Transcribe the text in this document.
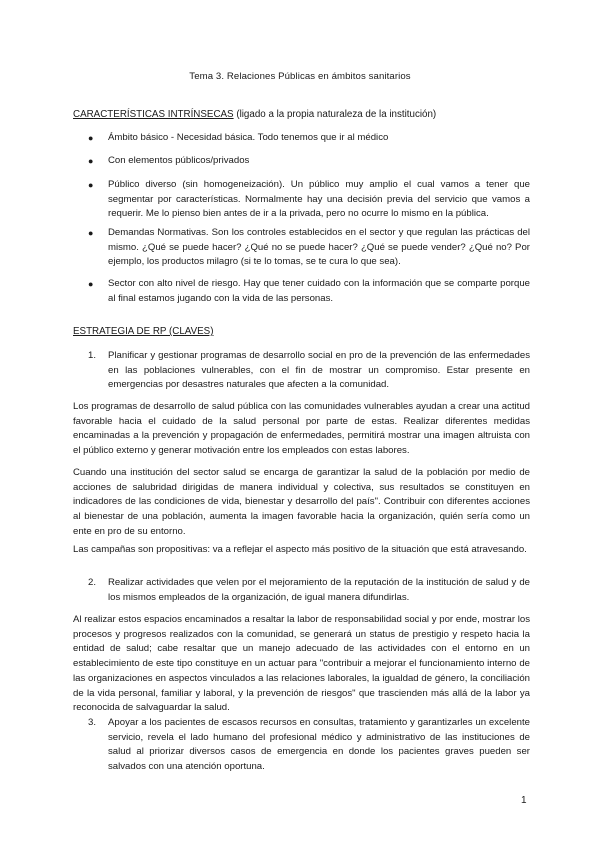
Tema 3. Relaciones Públicas en ámbitos sanitarios
CARACTERÍSTICAS INTRÍNSECAS (ligado a la propia naturaleza de la institución)
● Ámbito básico - Necesidad básica. Todo tenemos que ir al médico

● Con elementos públicos/privados

● Público diverso (sin homogeneización). Un público muy amplio el cual vamos a tener que segmentar por características. Normalmente hay una decisión previa del servicio que vamos a requerir. Me lo pienso bien antes de ir a la privada, pero no ocurre lo mismo en la pública.

● Demandas Normativas. Son los controles establecidos en el sector y que regulan las prácticas del mismo. ¿Qué se puede hacer? ¿Qué no se puede hacer? ¿Qué se puede vender? ¿Qué no? Por ejemplo, los productos milagro (si te lo tomas, se te cura lo que sea).

● Sector con alto nivel de riesgo. Hay que tener cuidado con la información que se comparte porque al final estamos jugando con la vida de las personas.

ESTRATEGIA DE RP (CLAVES)
1. Planificar y gestionar programas de desarrollo social en pro de la prevención de las enfermedades en las poblaciones vulnerables, con el fin de mostrar un compromiso. Estar presente en emergencias por desastres naturales que afecten a la comunidad.

Los programas de desarrollo de salud pública con las comunidades vulnerables ayudan a crear una actitud favorable hacia el cuidado de la salud personal por parte de estas. Realizar diferentes medidas encaminadas a la prevención y propagación de enfermedades, permitirá mostrar una imagen altruista con el público externo y generar motivación entre los empleados con estas labores.

Cuando una institución del sector salud se encarga de garantizar la salud de la población por medio de acciones de salubridad dirigidas de manera individual y colectiva, sus resultados se constituyen en indicadores de las condiciones de vida, bienestar y desarrollo del país". Contribuir con diferentes acciones al bienestar de una población, aumenta la imagen favorable hacia la organización, quién sería como un ente en pro de su entorno.

Las campañas son propositivas: va a reflejar el aspecto más positivo de la situación que está atravesando.

2. Realizar actividades que velen por el mejoramiento de la reputación de la institución de salud y de los mismos empleados de la organización, de igual manera difundirlas.

Al realizar estos espacios encaminados a resaltar la labor de responsabilidad social y por ende, mostrar los procesos y progresos realizados con la comunidad, se generará un status de prestigio y respeto hacia la entidad de salud; cabe resaltar que un manejo adecuado de las actividades con el entorno en un establecimiento de este tipo constituye en un actuar para "contribuir a mejorar el funcionamiento interno de las organizaciones en aspectos vinculados a las relaciones laborales, la igualdad de género, la conciliación de la vida personal, familiar y laboral, y la prevención de riesgos" que trascienden más allá de la labor ya reconocida de salvaguardar la salud.

3. Apoyar a los pacientes de escasos recursos en consultas, tratamiento y garantizarles un excelente servicio, revela el lado humano del profesional médico y administrativo de las instituciones de salud al priorizar diversos casos de emergencia en donde los pacientes graves pueden ser salvados con una atención oportuna.

1
